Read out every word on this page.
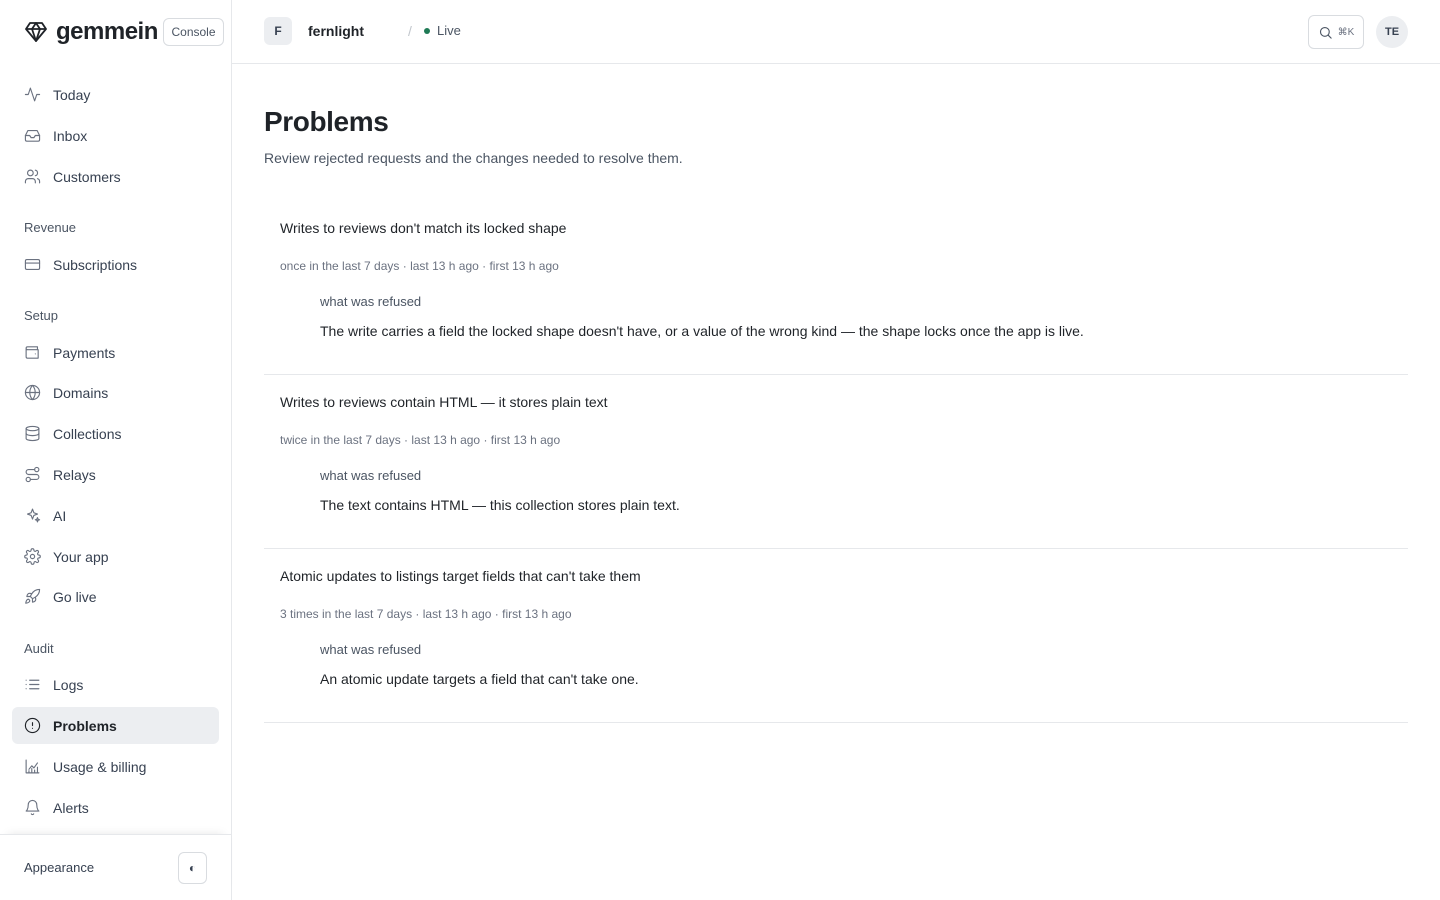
gemmein	Console
Today
Inbox
Customers
Revenue
Subscriptions
Setup
Payments
Domains
Collections
Relays
AI
Your app
Go live
Audit
Logs
Problems
Usage & billing
Alerts
Appearance	◐
F	fernlight	/ Live	⌘K	TE
Problems

Review rejected requests and the changes needed to resolve them.

Writes to reviews don't match its locked shape
once in the last 7 days · last 13 h ago · first 13 h ago
what was refused
The write carries a field the locked shape doesn't have, or a value of the wrong kind — the shape locks once the app is live.
Writes to reviews contain HTML — it stores plain text
twice in the last 7 days · last 13 h ago · first 13 h ago
what was refused
The text contains HTML — this collection stores plain text.
Atomic updates to listings target fields that can't take them
3 times in the last 7 days · last 13 h ago · first 13 h ago
what was refused
An atomic update targets a field that can't take one.
